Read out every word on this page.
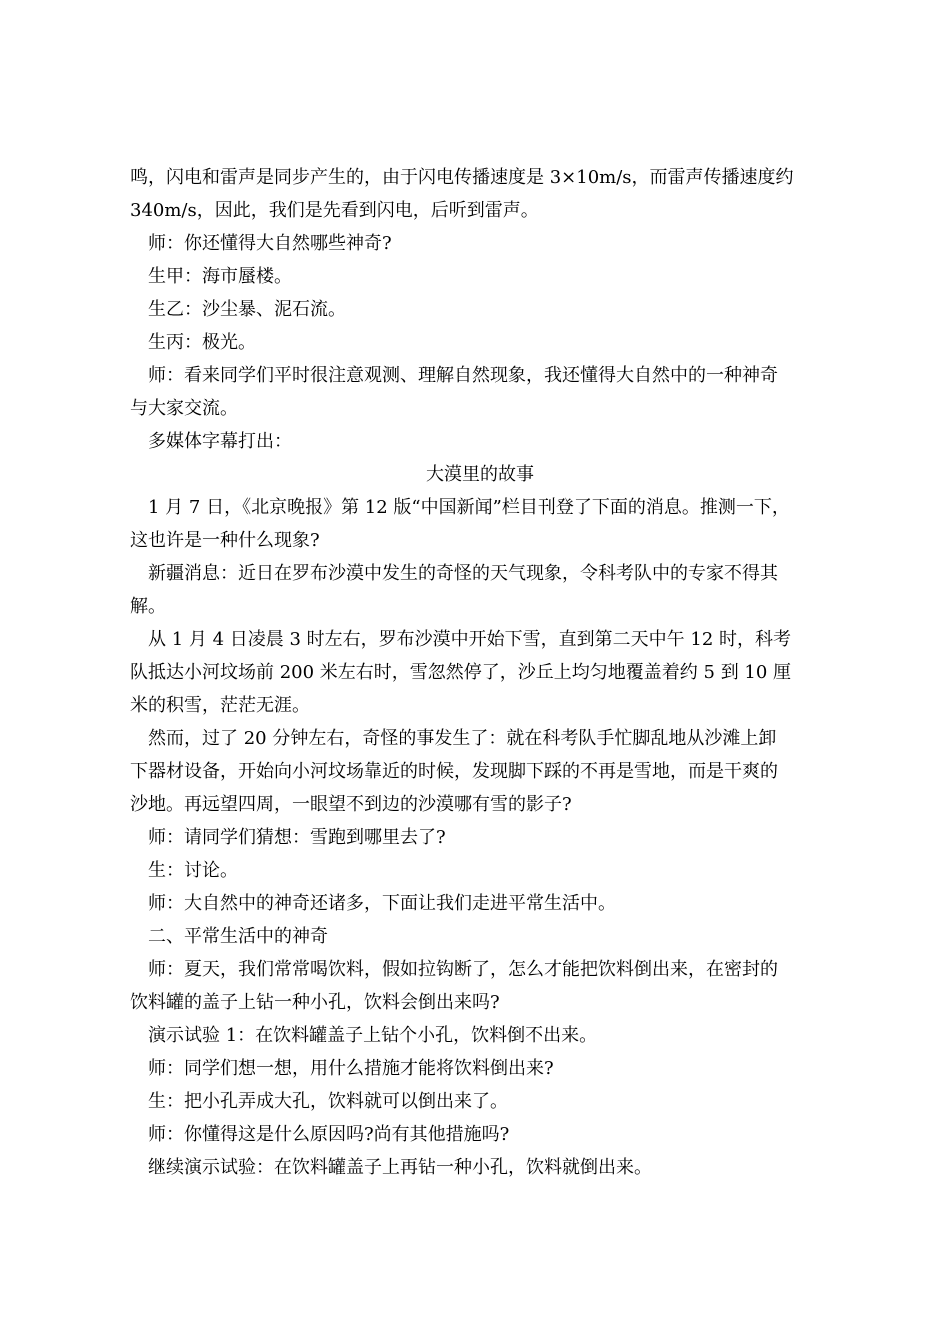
鸣，闪电和雷声是同步产生的，由于闪电传播速度是 3×10m/s，而雷声传播速度约
340m/s，因此，我们是先看到闪电，后听到雷声。
师：你还懂得大自然哪些神奇?
生甲：海市蜃楼。
生乙：沙尘暴、泥石流。
生丙：极光。
师：看来同学们平时很注意观测、理解自然现象，我还懂得大自然中的一种神奇
与大家交流。
多媒体字幕打出：
大漠里的故事
1 月 7 日，《北京晚报》第 12 版“中国新闻”栏目刊登了下面的消息。推测一下，
这也许是一种什么现象?
新疆消息：近日在罗布沙漠中发生的奇怪的天气现象，令科考队中的专家不得其
解。
从 1 月 4 日凌晨 3 时左右，罗布沙漠中开始下雪，直到第二天中午 12 时，科考
队抵达小河坟场前 200 米左右时，雪忽然停了，沙丘上均匀地覆盖着约 5 到 10 厘
米的积雪，茫茫无涯。
然而，过了 20 分钟左右，奇怪的事发生了：就在科考队手忙脚乱地从沙滩上卸
下器材设备，开始向小河坟场靠近的时候，发现脚下踩的不再是雪地，而是干爽的
沙地。再远望四周，一眼望不到边的沙漠哪有雪的影子?
师：请同学们猜想：雪跑到哪里去了?
生：讨论。
师：大自然中的神奇还诸多，下面让我们走进平常生活中。
二、平常生活中的神奇
师：夏天，我们常常喝饮料，假如拉钩断了，怎么才能把饮料倒出来，在密封的
饮料罐的盖子上钻一种小孔，饮料会倒出来吗?
演示试验 1：在饮料罐盖子上钻个小孔，饮料倒不出来。
师：同学们想一想，用什么措施才能将饮料倒出来?
生：把小孔弄成大孔，饮料就可以倒出来了。
师：你懂得这是什么原因吗?尚有其他措施吗?
继续演示试验：在饮料罐盖子上再钻一种小孔，饮料就倒出来。
